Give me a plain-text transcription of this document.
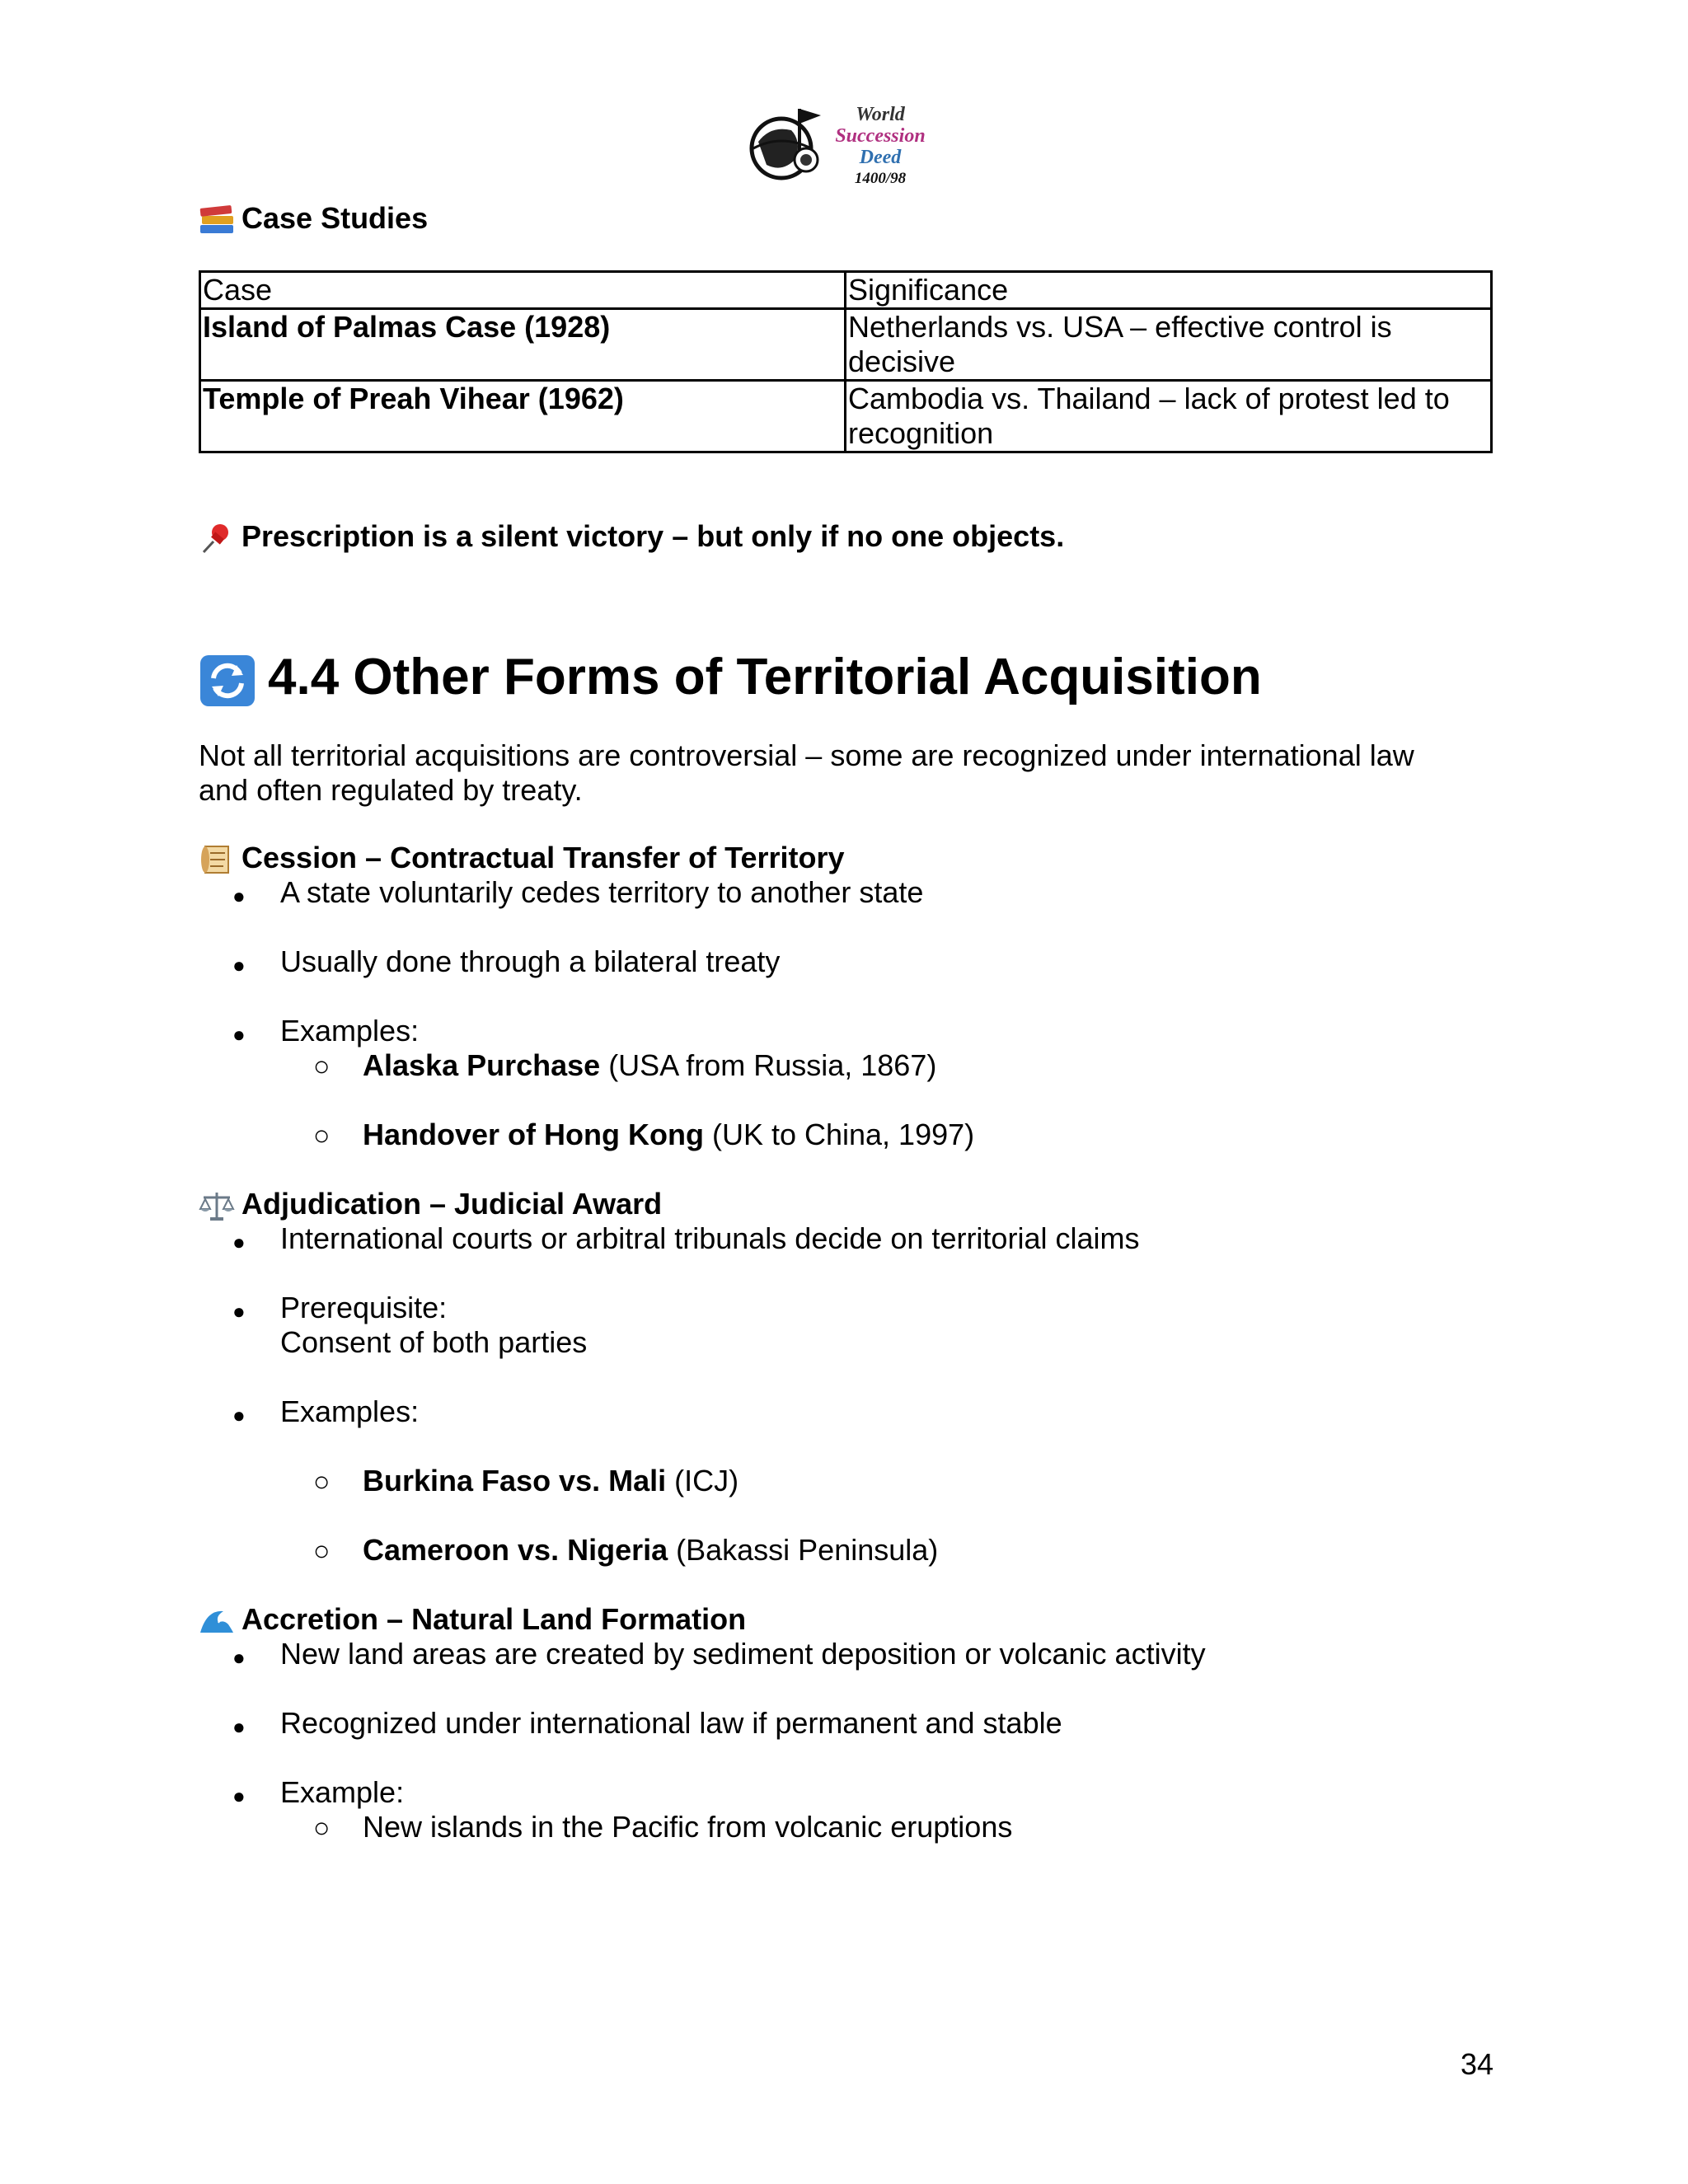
World
Succession
Deed
1400/98
Case Studies
Case	Significance
Island of Palmas Case (1928)	Netherlands vs. USA – effective control is decisive
Temple of Preah Vihear (1962)	Cambodia vs. Thailand – lack of protest led to recognition
Prescription is a silent victory – but only if no one objects.
4.4 Other Forms of Territorial Acquisition
Not all territorial acquisitions are controversial – some are recognized under international law
and often regulated by treaty.
Cession – Contractual Transfer of Territory
● A state voluntarily cedes territory to another state
● Usually done through a bilateral treaty
● Examples:
○ Alaska Purchase (USA from Russia, 1867)
○ Handover of Hong Kong (UK to China, 1997)
Adjudication – Judicial Award
● International courts or arbitral tribunals decide on territorial claims
● Prerequisite:
Consent of both parties
● Examples:
○ Burkina Faso vs. Mali (ICJ)
○ Cameroon vs. Nigeria (Bakassi Peninsula)
Accretion – Natural Land Formation
● New land areas are created by sediment deposition or volcanic activity
● Recognized under international law if permanent and stable
● Example:
○ New islands in the Pacific from volcanic eruptions
34
